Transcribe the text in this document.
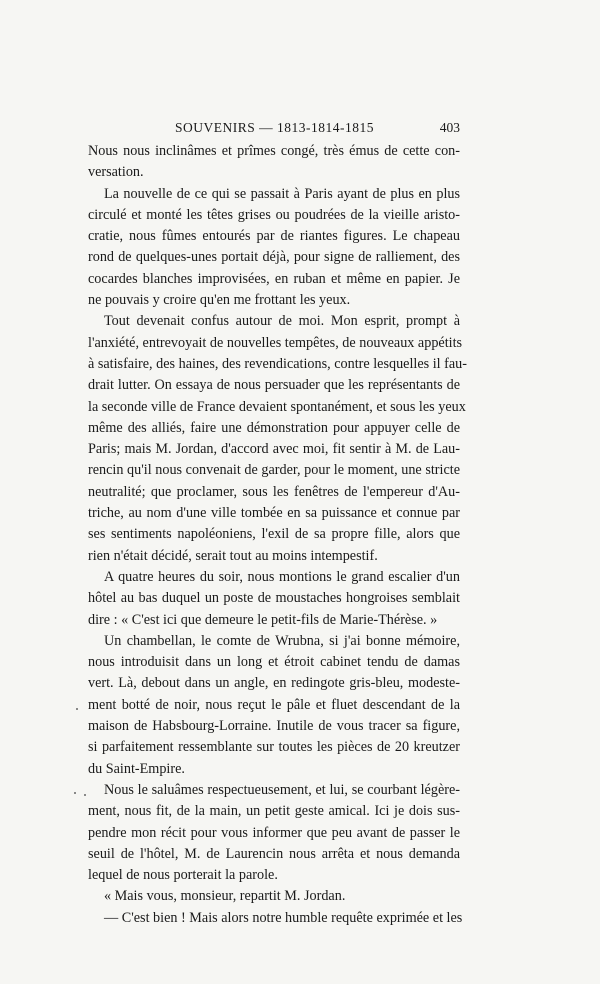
SOUVENIRS — 1813-1814-1815	403
Nous nous inclinâmes et prîmes congé, très émus de cette con-
versation.
La nouvelle de ce qui se passait à Paris ayant de plus en plus
circulé et monté les têtes grises ou poudrées de la vieille aristo-
cratie, nous fûmes entourés par de riantes figures. Le chapeau
rond de quelques-unes portait déjà, pour signe de ralliement, des
cocardes blanches improvisées, en ruban et même en papier. Je
ne pouvais y croire qu'en me frottant les yeux.
Tout devenait confus autour de moi. Mon esprit, prompt à
l'anxiété, entrevoyait de nouvelles tempêtes, de nouveaux appétits
à satisfaire, des haines, des revendications, contre lesquelles il fau-
drait lutter. On essaya de nous persuader que les représentants de
la seconde ville de France devaient spontanément, et sous les yeux
même des alliés, faire une démonstration pour appuyer celle de
Paris; mais M. Jordan, d'accord avec moi, fit sentir à M. de Lau-
rencin qu'il nous convenait de garder, pour le moment, une stricte
neutralité; que proclamer, sous les fenêtres de l'empereur d'Au-
triche, au nom d'une ville tombée en sa puissance et connue par
ses sentiments napoléoniens, l'exil de sa propre fille, alors que
rien n'était décidé, serait tout au moins intempestif.
A quatre heures du soir, nous montions le grand escalier d'un
hôtel au bas duquel un poste de moustaches hongroises semblait
dire : « C'est ici que demeure le petit-fils de Marie-Thérèse. »
Un chambellan, le comte de Wrubna, si j'ai bonne mémoire,
nous introduisit dans un long et étroit cabinet tendu de damas
vert. Là, debout dans un angle, en redingote gris-bleu, modeste-
ment botté de noir, nous reçut le pâle et fluet descendant de la
maison de Habsbourg-Lorraine. Inutile de vous tracer sa figure,
si parfaitement ressemblante sur toutes les pièces de 20 kreutzer
du Saint-Empire.
Nous le saluâmes respectueusement, et lui, se courbant légère-
ment, nous fit, de la main, un petit geste amical. Ici je dois sus-
pendre mon récit pour vous informer que peu avant de passer le
seuil de l'hôtel, M. de Laurencin nous arrêta et nous demanda
lequel de nous porterait la parole.
« Mais vous, monsieur, repartit M. Jordan.
— C'est bien ! Mais alors notre humble requête exprimée et les
